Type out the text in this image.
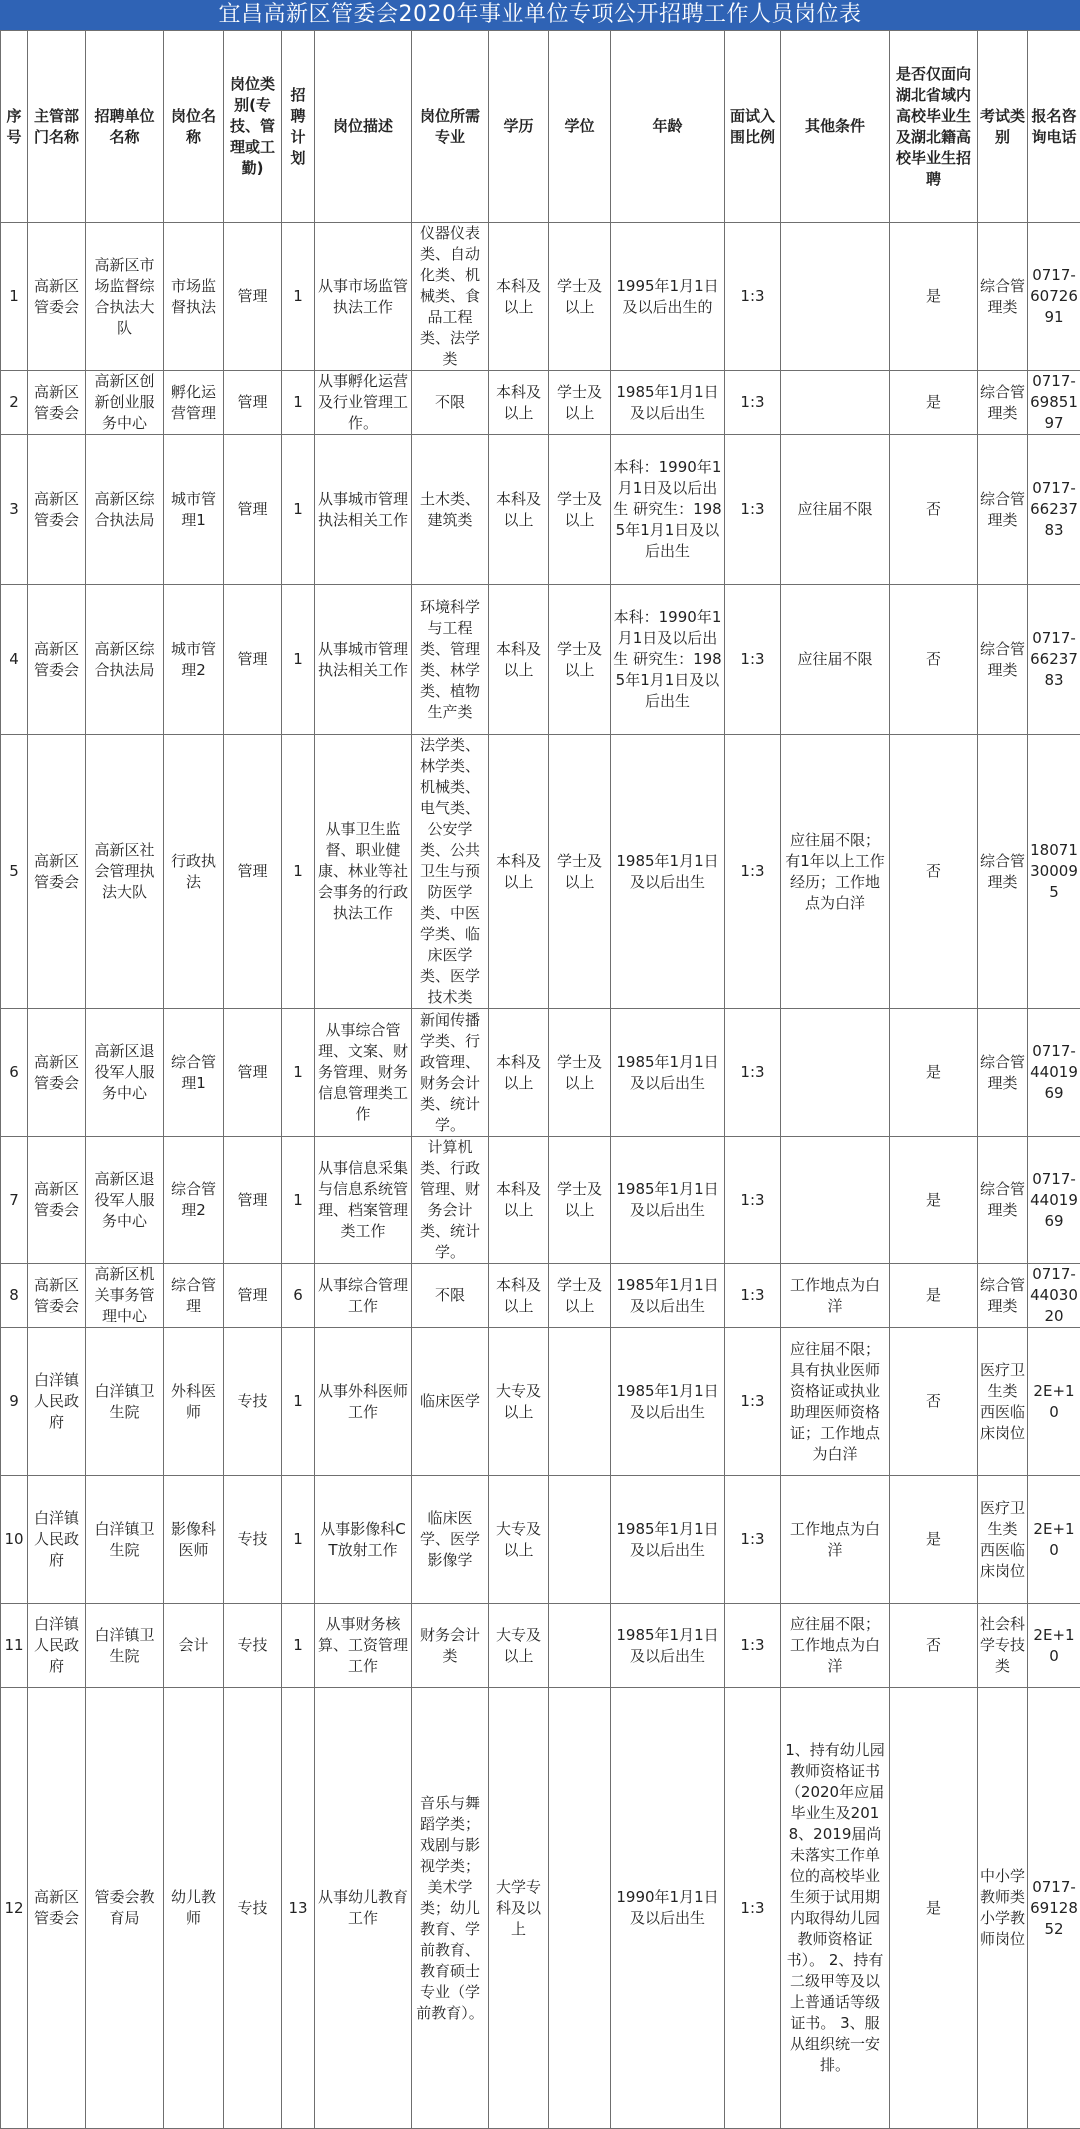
宜昌高新区管委会2020年事业单位专项公开招聘工作人员岗位表
序号	主管部门名称	招聘单位名称	岗位名称	岗位类别(专技、管理或工勤)	招聘计划	岗位描述	岗位所需专业	学历	学位	年龄	面试入围比例	其他条件	是否仅面向湖北省域内高校毕业生及湖北籍高校毕业生招聘	考试类别	报名咨询电话
1	高新区管委会	高新区市场监督综合执法大队	市场监督执法	管理	1	从事市场监管执法工作	仪器仪表类、自动化类、机械类、食品工程类、法学类	本科及以上	学士及以上	1995年1月1日及以后出生的	1:3		是	综合管理类	0717-6072691
2	高新区管委会	高新区创新创业服务中心	孵化运营管理	管理	1	从事孵化运营及行业管理工作。	不限	本科及以上	学士及以上	1985年1月1日及以后出生	1:3		是	综合管理类	0717-6985197
3	高新区管委会	高新区综合执法局	城市管理1	管理	1	从事城市管理执法相关工作	土木类、建筑类	本科及以上	学士及以上	本科：1990年1月1日及以后出生 研究生：1985年1月1日及以后出生	1:3	应往届不限	否	综合管理类	0717-6623783
4	高新区管委会	高新区综合执法局	城市管理2	管理	1	从事城市管理执法相关工作	环境科学与工程类、管理类、林学类、植物生产类	本科及以上	学士及以上	本科：1990年1月1日及以后出生 研究生：1985年1月1日及以后出生	1:3	应往届不限	否	综合管理类	0717-6623783
5	高新区管委会	高新区社会管理执法大队	行政执法	管理	1	从事卫生监督、职业健康、林业等社会事务的行政执法工作	法学类、林学类、机械类、电气类、公安学类、公共卫生与预防医学类、中医学类、临床医学类、医学技术类	本科及以上	学士及以上	1985年1月1日及以后出生	1:3	应往届不限；有1年以上工作经历；工作地点为白洋	否	综合管理类	18071300095
6	高新区管委会	高新区退役军人服务中心	综合管理1	管理	1	从事综合管理、文案、财务管理、财务信息管理类工作	新闻传播学类、行政管理、财务会计类、统计学。	本科及以上	学士及以上	1985年1月1日及以后出生	1:3		是	综合管理类	0717-4401969
7	高新区管委会	高新区退役军人服务中心	综合管理2	管理	1	从事信息采集与信息系统管理、档案管理类工作	计算机类、行政管理、财务会计类、统计学。	本科及以上	学士及以上	1985年1月1日及以后出生	1:3		是	综合管理类	0717-4401969
8	高新区管委会	高新区机关事务管理中心	综合管理	管理	6	从事综合管理工作	不限	本科及以上	学士及以上	1985年1月1日及以后出生	1:3	工作地点为白洋	是	综合管理类	0717-4403020
9	白洋镇人民政府	白洋镇卫生院	外科医师	专技	1	从事外科医师工作	临床医学	大专及以上		1985年1月1日及以后出生	1:3	应往届不限；具有执业医师资格证或执业助理医师资格证；工作地点为白洋	否	医疗卫生类 西医临床岗位	2E+10
10	白洋镇人民政府	白洋镇卫生院	影像科医师	专技	1	从事影像科CT放射工作	临床医学、医学影像学	大专及以上		1985年1月1日及以后出生	1:3	工作地点为白洋	是	医疗卫生类 西医临床岗位	2E+10
11	白洋镇人民政府	白洋镇卫生院	会计	专技	1	从事财务核算、工资管理工作	财务会计类	大专及以上		1985年1月1日及以后出生	1:3	应往届不限；工作地点为白洋	否	社会科学专技类	2E+10
12	高新区管委会	管委会教育局	幼儿教师	专技	13	从事幼儿教育工作	音乐与舞蹈学类；戏剧与影视学类；美术学类；幼儿教育、学前教育、教育硕士专业（学前教育）。	大学专科及以上		1990年1月1日及以后出生	1:3	1、持有幼儿园教师资格证书（2020年应届毕业生及2018、2019届尚未落实工作单位的高校毕业生须于试用期内取得幼儿园教师资格证书）。 2、持有二级甲等及以上普通话等级证书。 3、服从组织统一安排。	是	中小学教师类 小学教师岗位	0717-6912852
